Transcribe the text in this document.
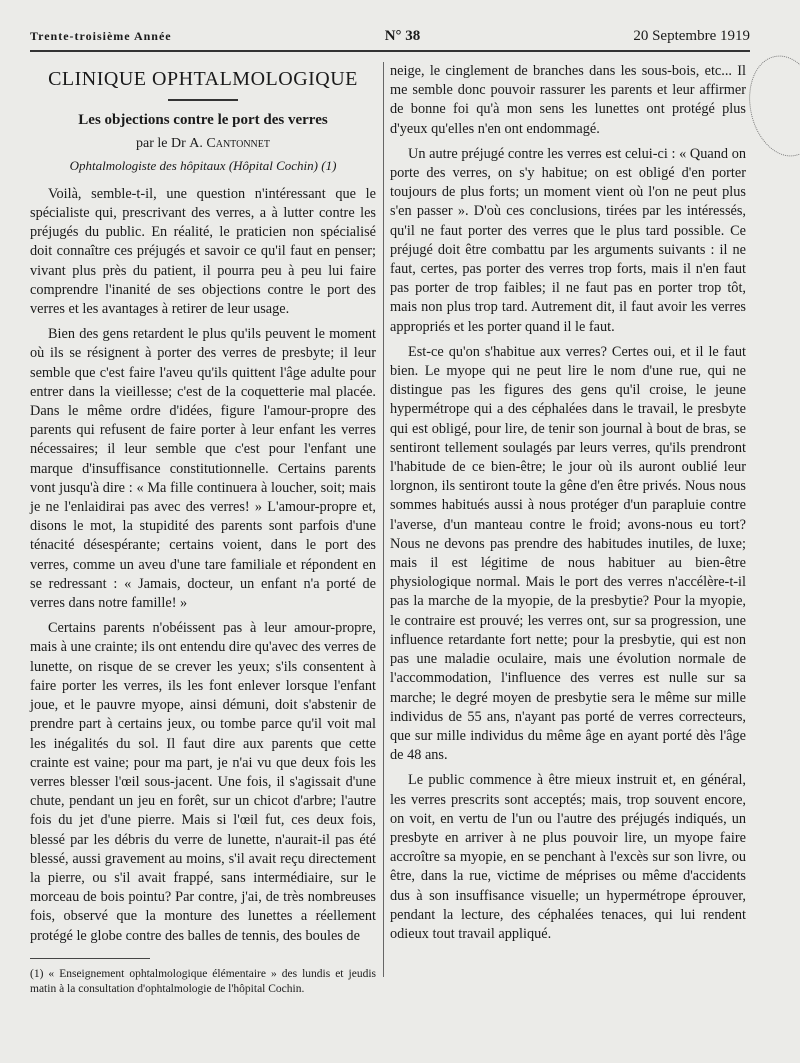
Trente-troisième Année	N° 38	20 Septembre 1919
CLINIQUE OPHTALMOLOGIQUE
Les objections contre le port des verres
par le Dr A. Cantonnet
Ophtalmologiste des hôpitaux (Hôpital Cochin) (1)

Voilà, semble-t-il, une question n'intéressant que le spécialiste qui, prescrivant des verres, a à lutter contre les préjugés du public. En réalité, le praticien non spécialisé doit connaître ces préjugés et savoir ce qu'il faut en penser; vivant plus près du patient, il pourra peu à peu lui faire comprendre l'inanité de ses objections contre le port des verres et les avantages à retirer de leur usage.

Bien des gens retardent le plus qu'ils peuvent le moment où ils se résignent à porter des verres de presbyte; il leur semble que c'est faire l'aveu qu'ils quittent l'âge adulte pour entrer dans la vieillesse; c'est de la coquetterie mal placée. Dans le même ordre d'idées, figure l'amour-propre des parents qui refusent de faire porter à leur enfant les verres nécessaires; il leur semble que c'est pour l'enfant une marque d'insuffisance constitutionnelle. Certains parents vont jusqu'à dire : « Ma fille continuera à loucher, soit; mais je ne l'enlaidirai pas avec des verres! » L'amour-propre et, disons le mot, la stupidité des parents sont parfois d'une ténacité désespérante; certains voient, dans le port des verres, comme un aveu d'une tare familiale et répondent en se redressant : « Jamais, docteur, un enfant n'a porté de verres dans notre famille! »

Certains parents n'obéissent pas à leur amour-propre, mais à une crainte; ils ont entendu dire qu'avec des verres de lunette, on risque de se crever les yeux; s'ils consentent à faire porter les verres, ils les font enlever lorsque l'enfant joue, et le pauvre myope, ainsi démuni, doit s'abstenir de prendre part à certains jeux, ou tombe parce qu'il voit mal les inégalités du sol. Il faut dire aux parents que cette crainte est vaine; pour ma part, je n'ai vu que deux fois les verres blesser l'œil sous-jacent. Une fois, il s'agissait d'une chute, pendant un jeu en forêt, sur un chicot d'arbre; l'autre fois du jet d'une pierre. Mais si l'œil fut, ces deux fois, blessé par les débris du verre de lunette, n'aurait-il pas été blessé, aussi gravement au moins, s'il avait reçu directement la pierre, ou s'il avait frappé, sans intermédiaire, sur le morceau de bois pointu? Par contre, j'ai, de très nombreuses fois, observé que la monture des lunettes a réellement protégé le globe contre des balles de tennis, des boules de

(1) « Enseignement ophtalmologique élémentaire » des lundis et jeudis matin à la consultation d'ophtalmologie de l'hôpital Cochin.

neige, le cinglement de branches dans les sous-bois, etc... Il me semble donc pouvoir rassurer les parents et leur affirmer de bonne foi qu'à mon sens les lunettes ont protégé plus d'yeux qu'elles n'en ont endommagé.

Un autre préjugé contre les verres est celui-ci : « Quand on porte des verres, on s'y habitue; on est obligé d'en porter toujours de plus forts; un moment vient où l'on ne peut plus s'en passer ». D'où ces conclusions, tirées par les intéressés, qu'il ne faut porter des verres que le plus tard possible. Ce préjugé doit être combattu par les arguments suivants : il ne faut, certes, pas porter des verres trop forts, mais il n'en faut pas porter de trop faibles; il ne faut pas en porter trop tôt, mais non plus trop tard. Autrement dit, il faut avoir les verres appropriés et les porter quand il le faut.

Est-ce qu'on s'habitue aux verres? Certes oui, et il le faut bien. Le myope qui ne peut lire le nom d'une rue, qui ne distingue pas les figures des gens qu'il croise, le jeune hypermétrope qui a des céphalées dans le travail, le presbyte qui est obligé, pour lire, de tenir son journal à bout de bras, se sentiront tellement soulagés par leurs verres, qu'ils prendront l'habitude de ce bien-être; le jour où ils auront oublié leur lorgnon, ils sentiront toute la gêne d'en être privés. Nous nous sommes habitués aussi à nous protéger d'un parapluie contre l'averse, d'un manteau contre le froid; avons-nous eu tort? Nous ne devons pas prendre des habitudes inutiles, de luxe; mais il est légitime de nous habituer au bien-être physiologique normal. Mais le port des verres n'accélère-t-il pas la marche de la myopie, de la presbytie? Pour la myopie, le contraire est prouvé; les verres ont, sur sa progression, une influence retardante fort nette; pour la presbytie, qui est non pas une maladie oculaire, mais une évolution normale de l'accommodation, l'influence des verres est nulle sur sa marche; le degré moyen de presbytie sera le même sur mille individus de 55 ans, n'ayant pas porté de verres correcteurs, que sur mille individus du même âge en ayant porté dès l'âge de 48 ans.

Le public commence à être mieux instruit et, en général, les verres prescrits sont acceptés; mais, trop souvent encore, on voit, en vertu de l'un ou l'autre des préjugés indiqués, un presbyte en arriver à ne plus pouvoir lire, un myope faire accroître sa myopie, en se penchant à l'excès sur son livre, ou être, dans la rue, victime de méprises ou même d'accidents dus à son insuffisance visuelle; un hypermétrope éprouver, pendant la lecture, des céphalées tenaces, qui lui rendent odieux tout travail appliqué.
